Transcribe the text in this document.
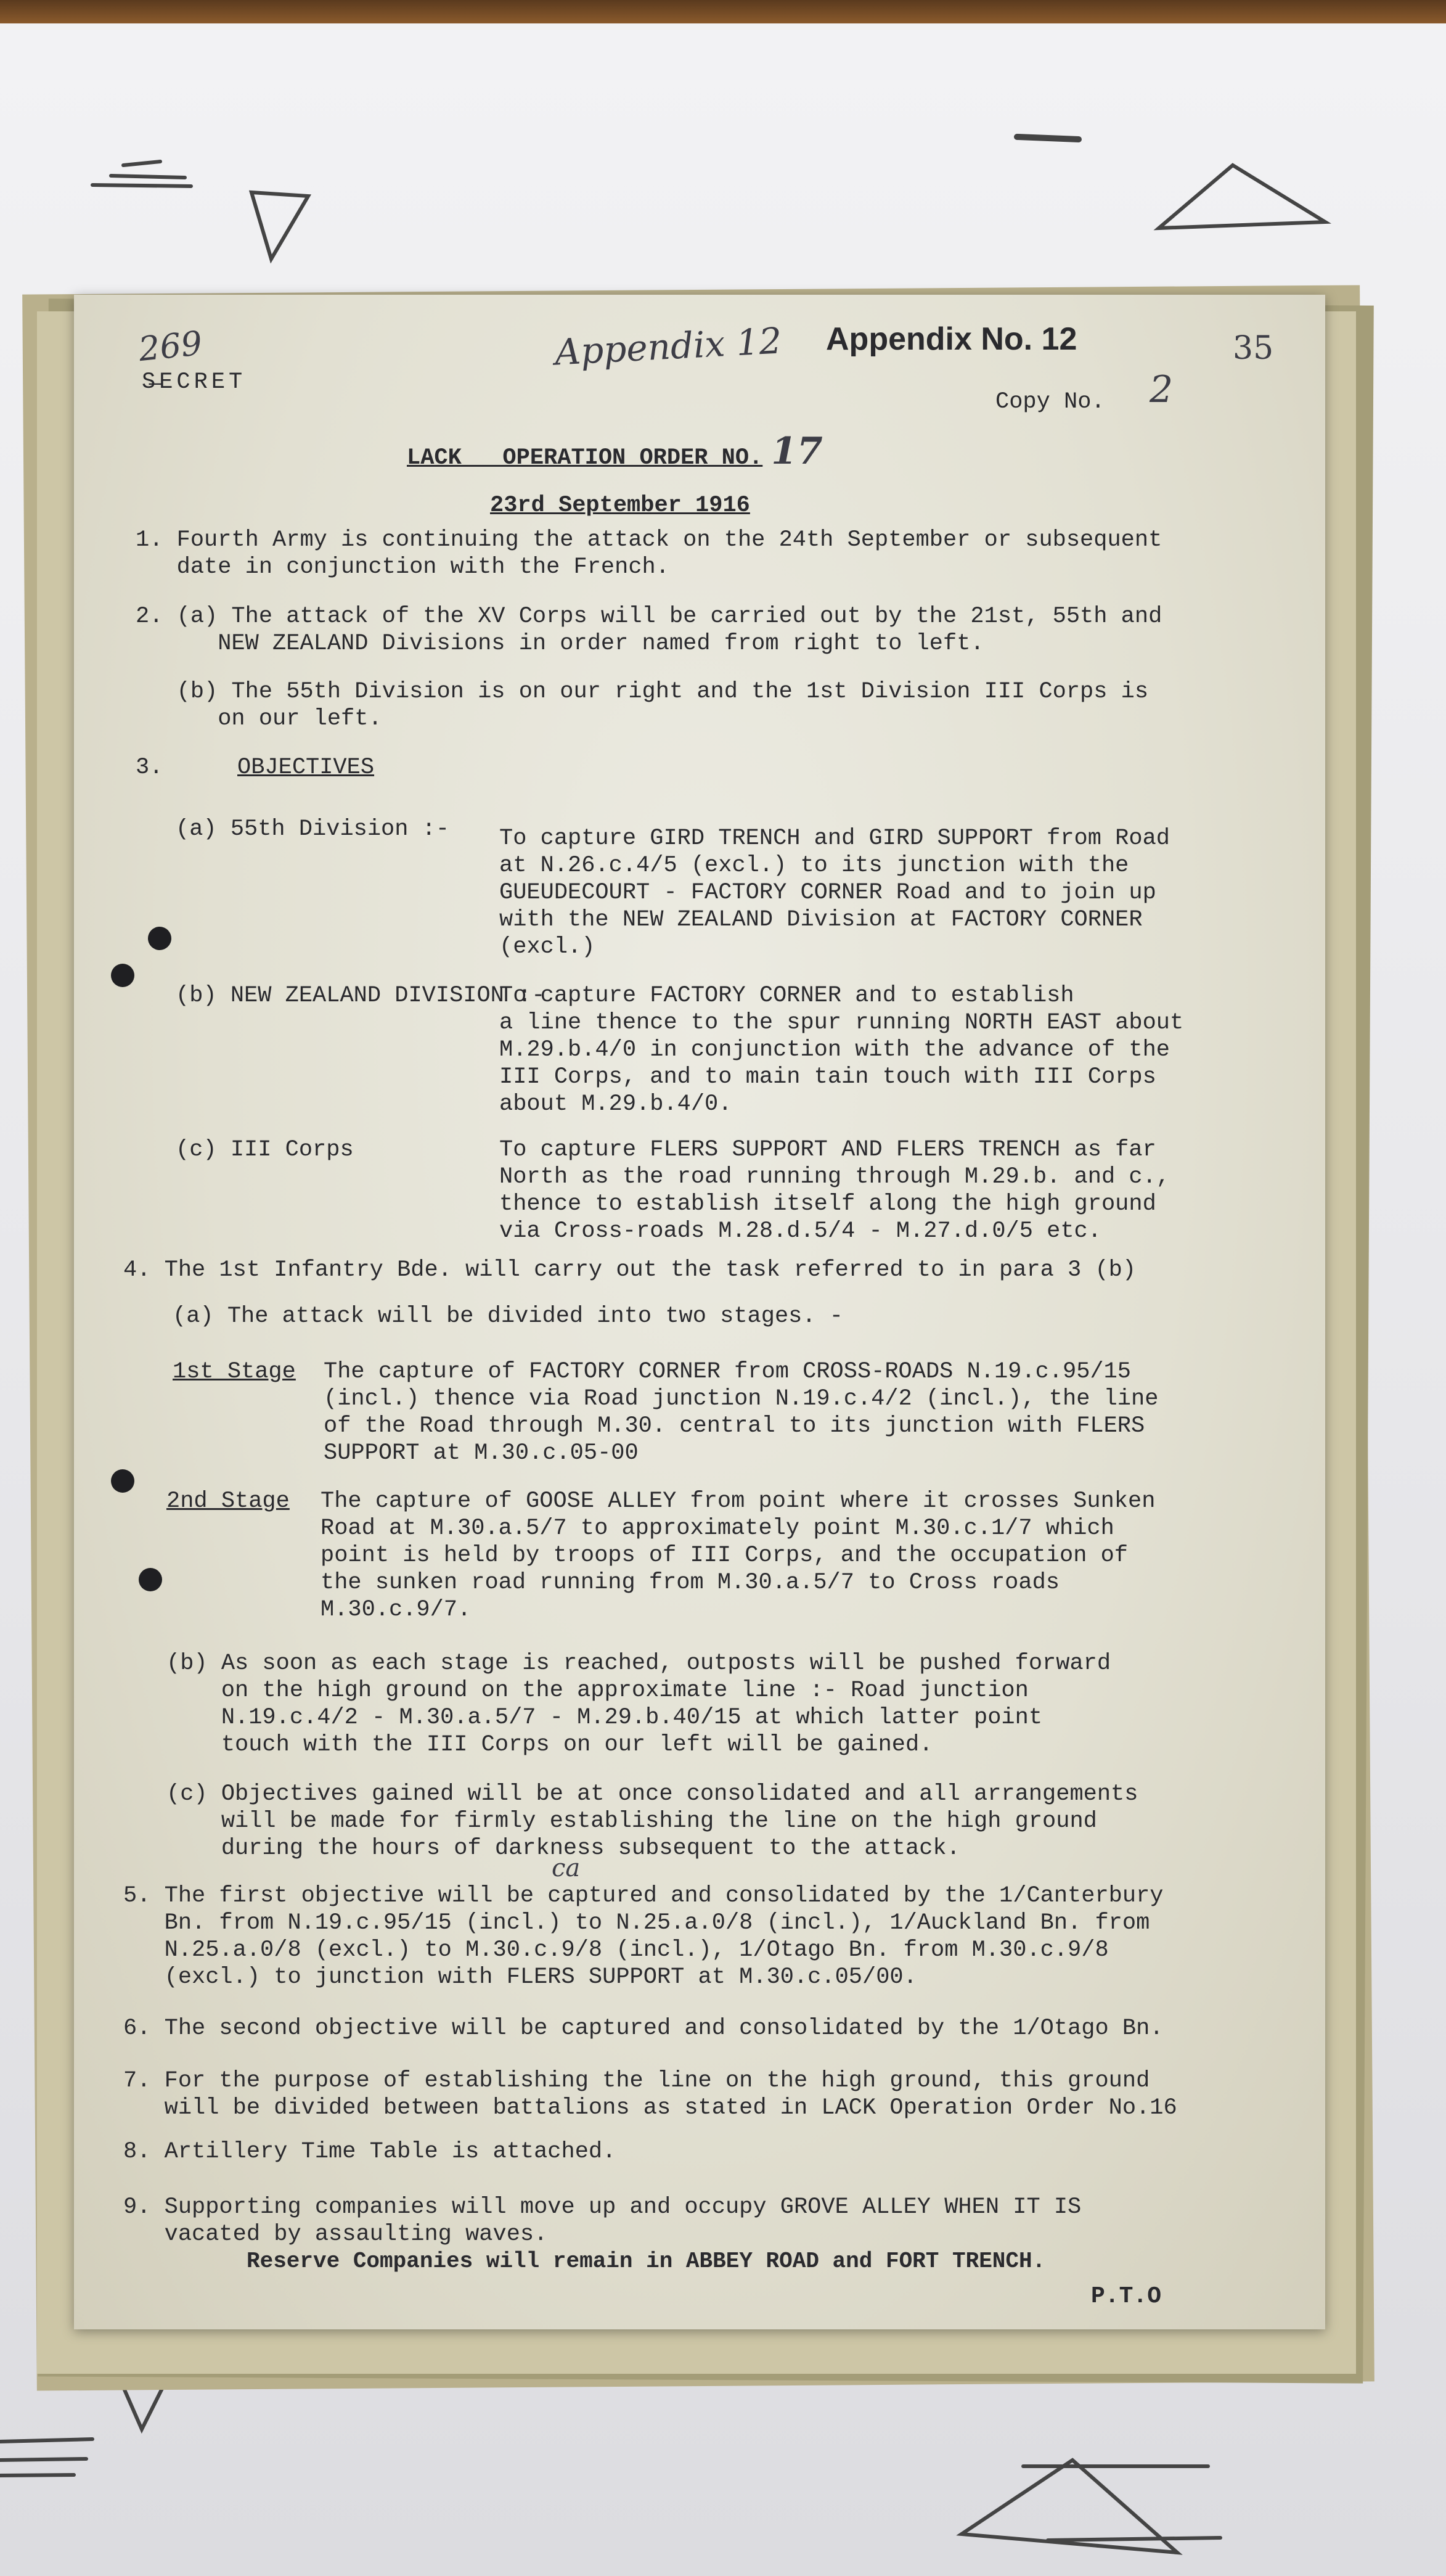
269	35
S̶ECRET
Appendix 12 Appendix No. 12
Copy No. 2
LACK   OPERATION ORDER NO. 17
23rd September 1916
1. Fourth Army is continuing the attack on the 24th September or subsequent
date in conjunction with the French.
2. (a) The attack of the XV Corps will be carried out by the 21st, 55th and
NEW ZEALAND Divisions in order named from right to left.
(b) The 55th Division is on our right and the 1st Division III Corps is
on our left.
3.	OBJECTIVES
(a) 55th Division :- To capture GIRD TRENCH and GIRD SUPPORT from Road
at N.26.c.4/5 (excl.) to its junction with the
GUEUDECOURT - FACTORY CORNER Road and to join up
with the NEW ZEALAND Division at FACTORY CORNER
(excl.)
(b) NEW ZEALAND DIVISION :-
To capture FACTORY CORNER and to establish
a line thence to the spur running NORTH EAST about
M.29.b.4/0 in conjunction with the advance of the
III Corps, and to main tain touch with III Corps
about M.29.b.4/0.
(c) III Corps	To capture FLERS SUPPORT AND FLERS TRENCH as far
North as the road running through M.29.b. and c.,
thence to establish itself along the high ground
via Cross-roads M.28.d.5/4 - M.27.d.0/5 etc.
4. The 1st Infantry Bde. will carry out the task referred to in para 3 (b)
(a) The attack will be divided into two stages. -
1st Stage The capture of FACTORY CORNER from CROSS-ROADS N.19.c.95/15
(incl.) thence via Road junction N.19.c.4/2 (incl.), the line
of the Road through M.30. central to its junction with FLERS
SUPPORT at M.30.c.05-00
2nd Stage The capture of GOOSE ALLEY from point where it crosses Sunken
Road at M.30.a.5/7 to approximately point M.30.c.1/7 which
point is held by troops of III Corps, and the occupation of
the sunken road running from M.30.a.5/7 to Cross roads
M.30.c.9/7.
(b) As soon as each stage is reached, outposts will be pushed forward
on the high ground on the approximate line :- Road junction
N.19.c.4/2 - M.30.a.5/7 - M.29.b.40/15 at which latter point
touch with the III Corps on our left will be gained.
(c) Objectives gained will be at once consolidated and all arrangements
will be made for firmly establishing the line on the high ground
during the hours of darkness subsequent to the attack.
ca
5. The first objective will be captured and consolidated by the 1/Canterbury
Bn. from N.19.c.95/15 (incl.) to N.25.a.0/8 (incl.), 1/Auckland Bn. from
N.25.a.0/8 (excl.) to M.30.c.9/8 (incl.), 1/Otago Bn. from M.30.c.9/8
(excl.) to junction with FLERS SUPPORT at M.30.c.05/00.
6. The second objective will be captured and consolidated by the 1/Otago Bn.
7. For the purpose of establishing the line on the high ground, this ground
will be divided between battalions as stated in LACK Operation Order No.16
8. Artillery Time Table is attached.
9. Supporting companies will move up and occupy GROVE ALLEY WHEN IT IS
vacated by assaulting waves.
Reserve Companies will remain in ABBEY ROAD and FORT TRENCH.
P.T.O
